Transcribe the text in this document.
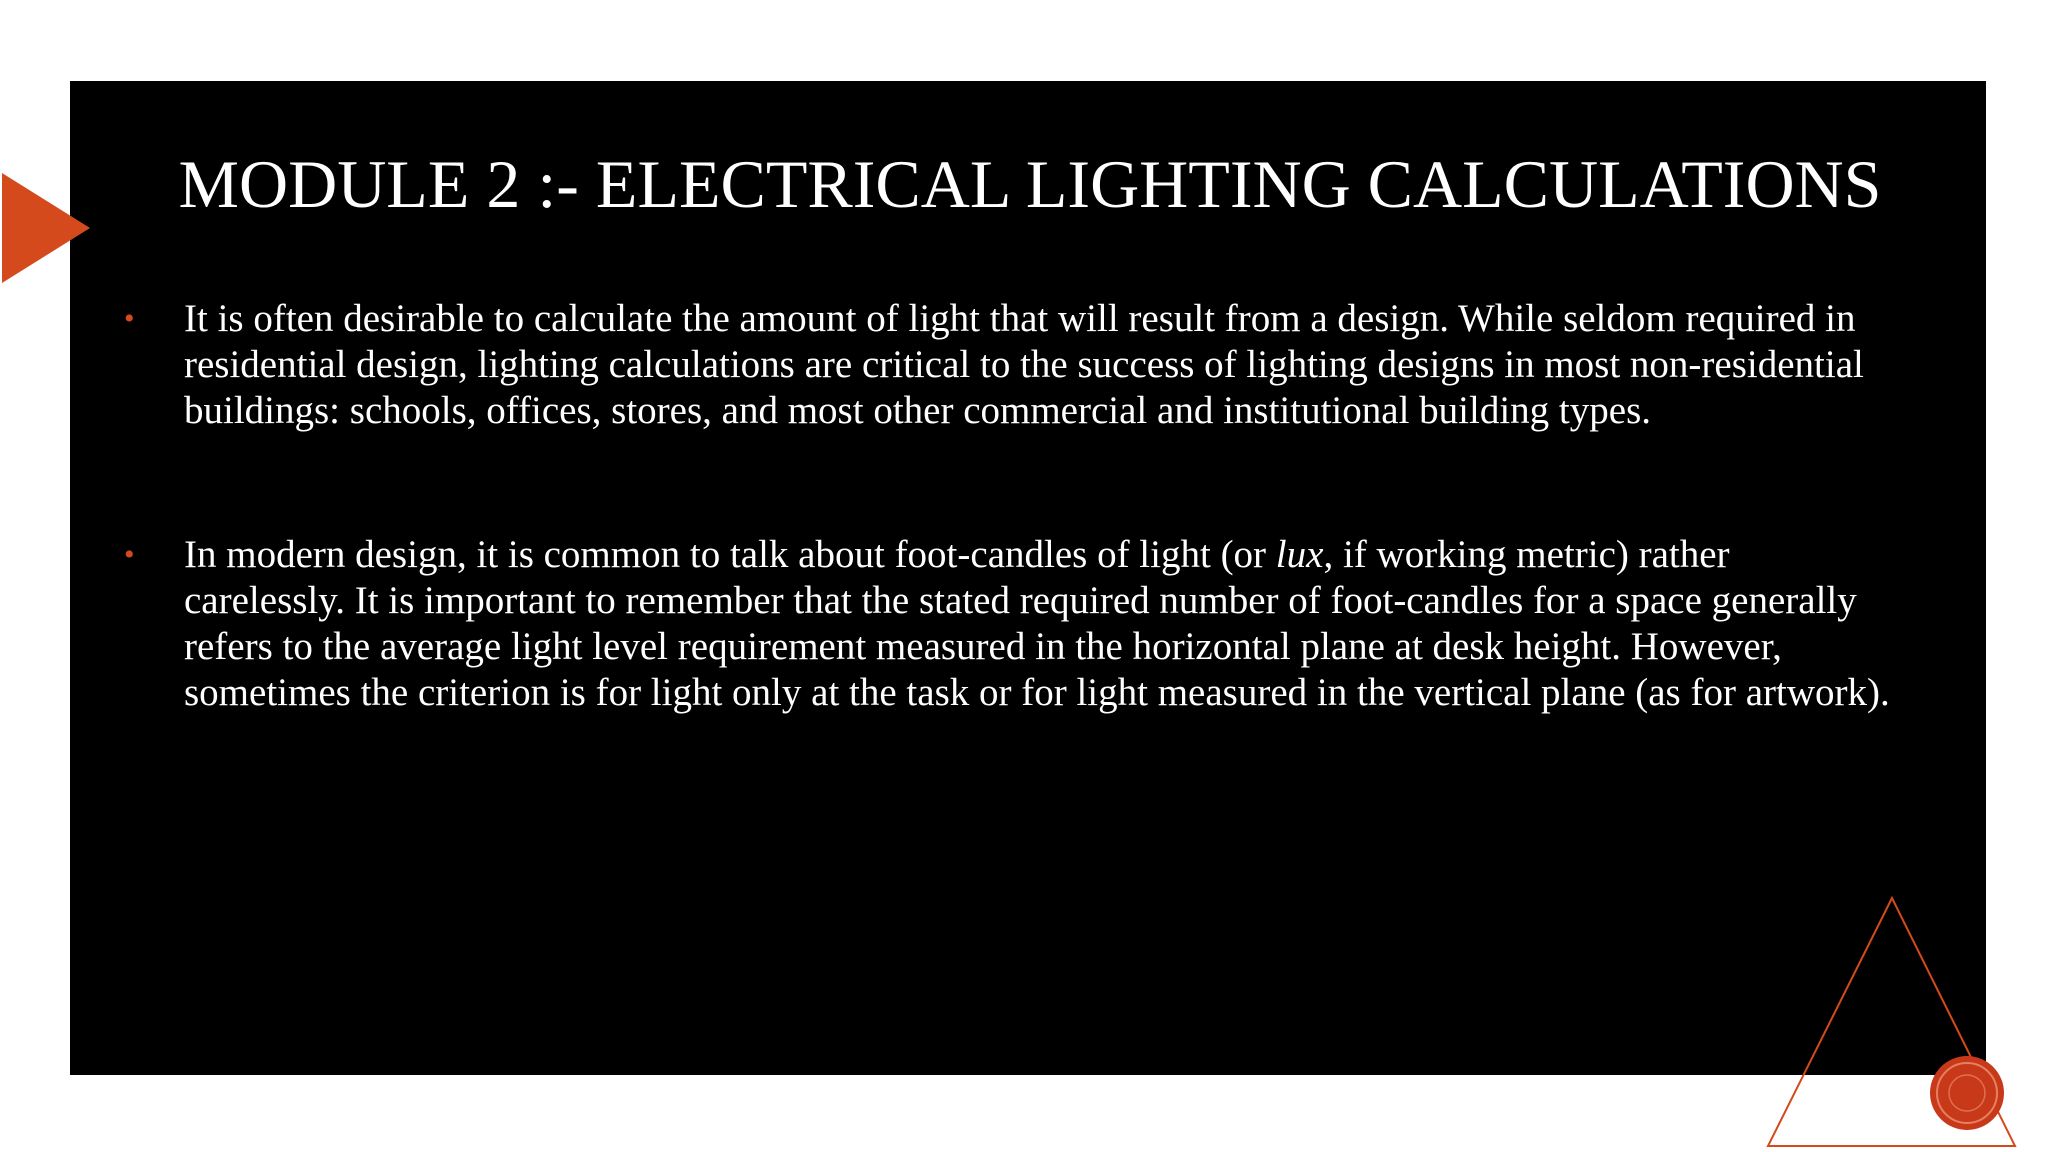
MODULE 2 :- ELECTRICAL LIGHTING CALCULATIONS
• It is often desirable to calculate the amount of light that will result from a design. While seldom required in residential design, lighting calculations are critical to the success of lighting designs in most non-residential buildings: schools, offices, stores, and most other commercial and institutional building types.
• In modern design, it is common to talk about foot-candles of light (or lux, if working metric) rather carelessly. It is important to remember that the stated required number of foot-candles for a space generally refers to the average light level requirement measured in the horizontal plane at desk height. However, sometimes the criterion is for light only at the task or for light measured in the vertical plane (as for artwork).
